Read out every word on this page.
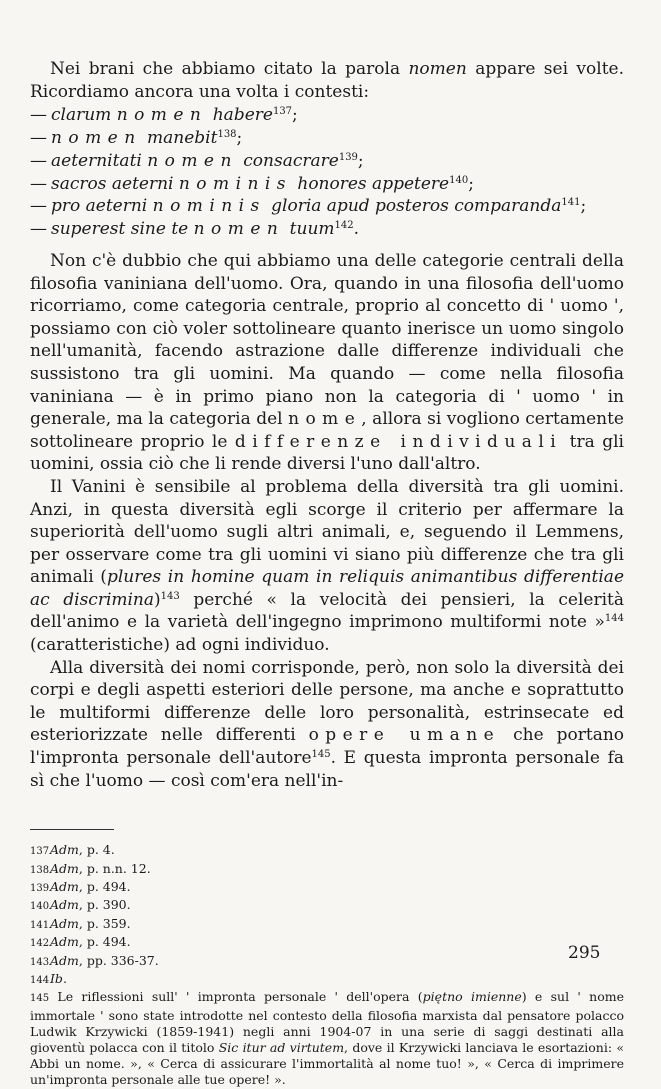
Nei brani che abbiamo citato la parola nomen appare sei volte. Ricordiamo ancora una volta i contesti:

— clarum nomen habere$^{137}$;
— nomen manebit$^{138}$;
— aeternitati nomen consacrare$^{139}$;
— sacros aeterni nominis honores appetere$^{140}$;
— pro aeterni nominis gloria apud posteros comparanda$^{141}$;
— superest sine te nomen tuum$^{142}$.

Non c'è dubbio che qui abbiamo una delle categorie centrali della filosofia vaniniana dell'uomo. Ora, quando in una filosofia dell'uomo ricorriamo, come categoria centrale, proprio al concetto di ' uomo ', possiamo con ciò voler sottolineare quanto inerisce un uomo singolo nell'umanità, facendo astrazione dalle differenze individuali che sussistono tra gli uomini. Ma quando — come nella filosofia vaniniana — è in primo piano non la categoria di ' uomo ' in generale, ma la categoria del nome, allora si vogliono certamente sottolineare proprio le differenze individuali tra gli uomini, ossia ciò che li rende diversi l'uno dall'altro.

Il Vanini è sensibile al problema della diversità tra gli uomini. Anzi, in questa diversità egli scorge il criterio per affermare la superiorità dell'uomo sugli altri animali, e, seguendo il Lemmens, per osservare come tra gli uomini vi siano più differenze che tra gli animali (plures in homine quam in reliquis animantibus differentiae ac discrimina)$^{143}$ perché « la velocità dei pensieri, la celerità dell'animo e la varietà dell'ingegno imprimono multiformi note »$^{144}$ (caratteristiche) ad ogni individuo.

Alla diversità dei nomi corrisponde, però, non solo la diversità dei corpi e degli aspetti esteriori delle persone, ma anche e soprattutto le multiformi differenze delle loro personalità, estrinsecate ed esteriorizzate nelle differenti opere umane che portano l'impronta personale dell'autore$^{145}$. E questa impronta personale fa sì che l'uomo — così com'era nell'in-

137 Adm, p. 4.
138 Adm, p. n.n. 12.
139 Adm, p. 494.
140 Adm, p. 390.
141 Adm, p. 359.
142 Adm, p. 494.
143 Adm, pp. 336-37.
144 Ib.

145 Le riflessioni sull' ' impronta personale ' dell'opera (piętno imienne) e sul ' nome immortale ' sono state introdotte nel contesto della filosofia marxista dal pensatore polacco Ludwik Krzywicki (1859-1941) negli anni 1904-07 in una serie di saggi destinati alla gioventù polacca con il titolo Sic itur ad virtutem, dove il Krzywicki lanciava le esortazioni: « Abbi un nome. », « Cerca di assicurare l'immortalità al nome tuo! », « Cerca di imprimere un'impronta personale alle tue opere! ».

295
